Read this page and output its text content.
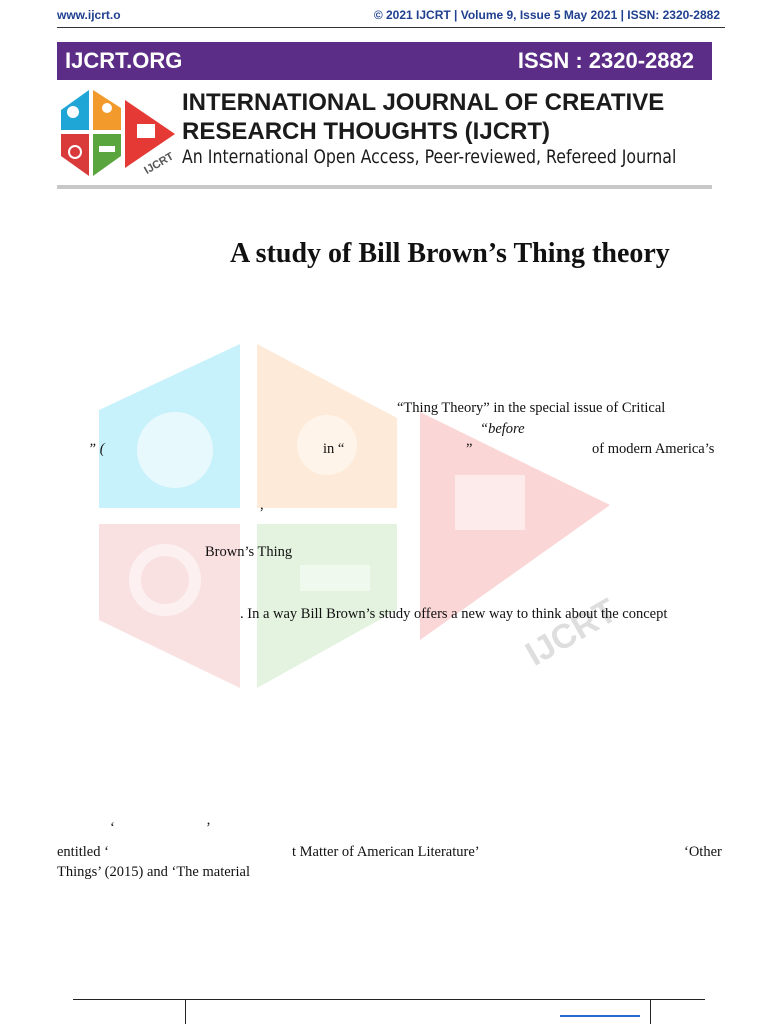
www.ijcrt.o	© 2021 IJCRT | Volume 9, Issue 5 May 2021 | ISSN: 2320-2882
IJCRT.ORG	ISSN : 2320-2882
IJCRT
INTERNATIONAL JOURNAL OF CREATIVE
RESEARCH THOUGHTS (IJCRT)
An International Open Access, Peer-reviewed, Refereed Journal
A study of Bill Brown’s Thing theory
IJCRT
“Thing Theory” in the special issue of Critical
“before
” (	in “	”	of modern America’s
,
Brown’s Thing
. In a way Bill Brown’s study offers a new way to think about the concept
‘	’
entitled ‘	t Matter of American Literature’	‘Other
Things’ (2015) and ‘The material
